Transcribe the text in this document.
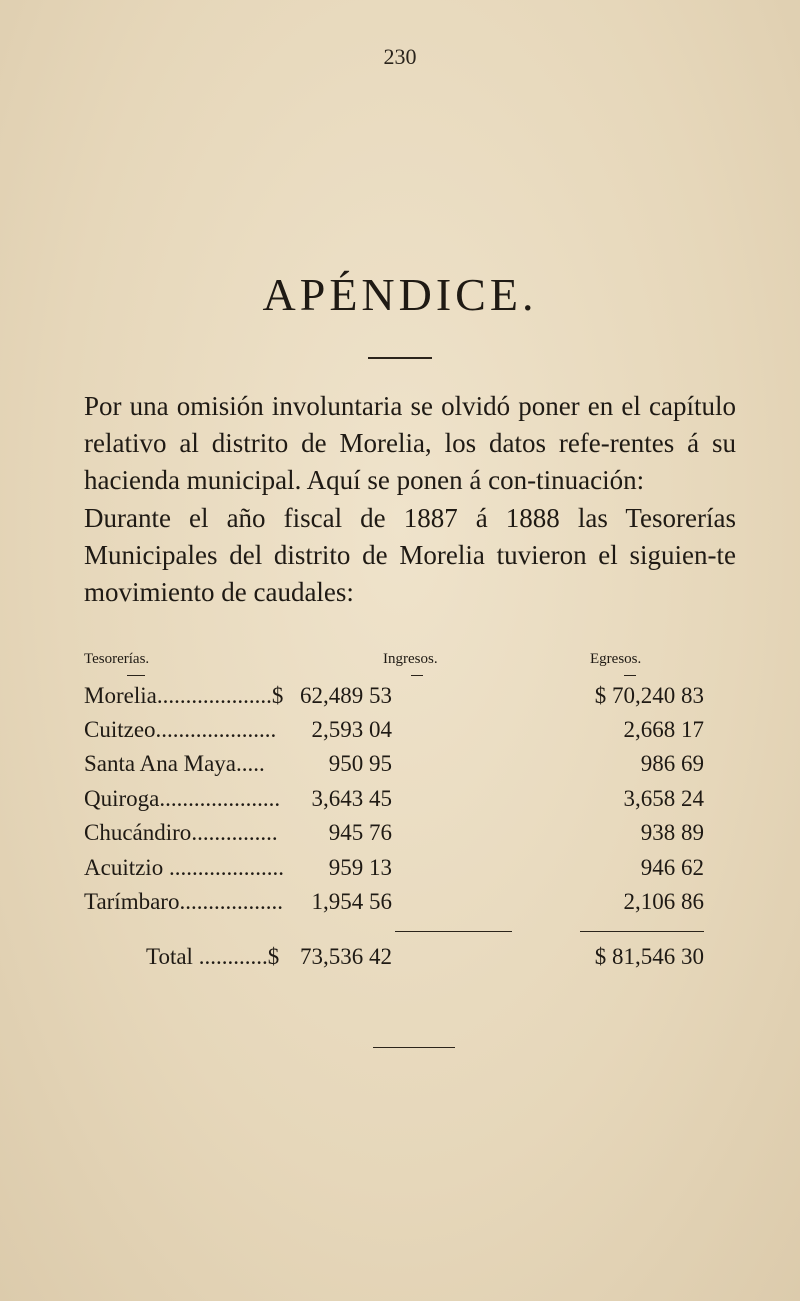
230
APÉNDICE.

Por una omisión involuntaria se olvidó poner en el capítulo relativo al distrito de Morelia, los datos refe-rentes á su hacienda municipal. Aquí se ponen á con-tinuación:

Durante el año fiscal de 1887 á 1888 las Tesorerías Municipales del distrito de Morelia tuvieron el siguien-te movimiento de caudales:

Tesorerías.	Ingresos.	Egresos.
Morelia....................$ 62,489 53	$ 70,240 83
Cuitzeo..................... 2,593 04	2,668 17
Santa Ana Maya.....	950 95	986 69
Quiroga..................... 3,643 45	3,658 24
Chucándiro............... 945 76	938 89
Acuitzio .................... 959 13	946 62
Tarímbaro.................. 1,954 56	2,106 86
Total ............$ 73,536 42	$ 81,546 30
